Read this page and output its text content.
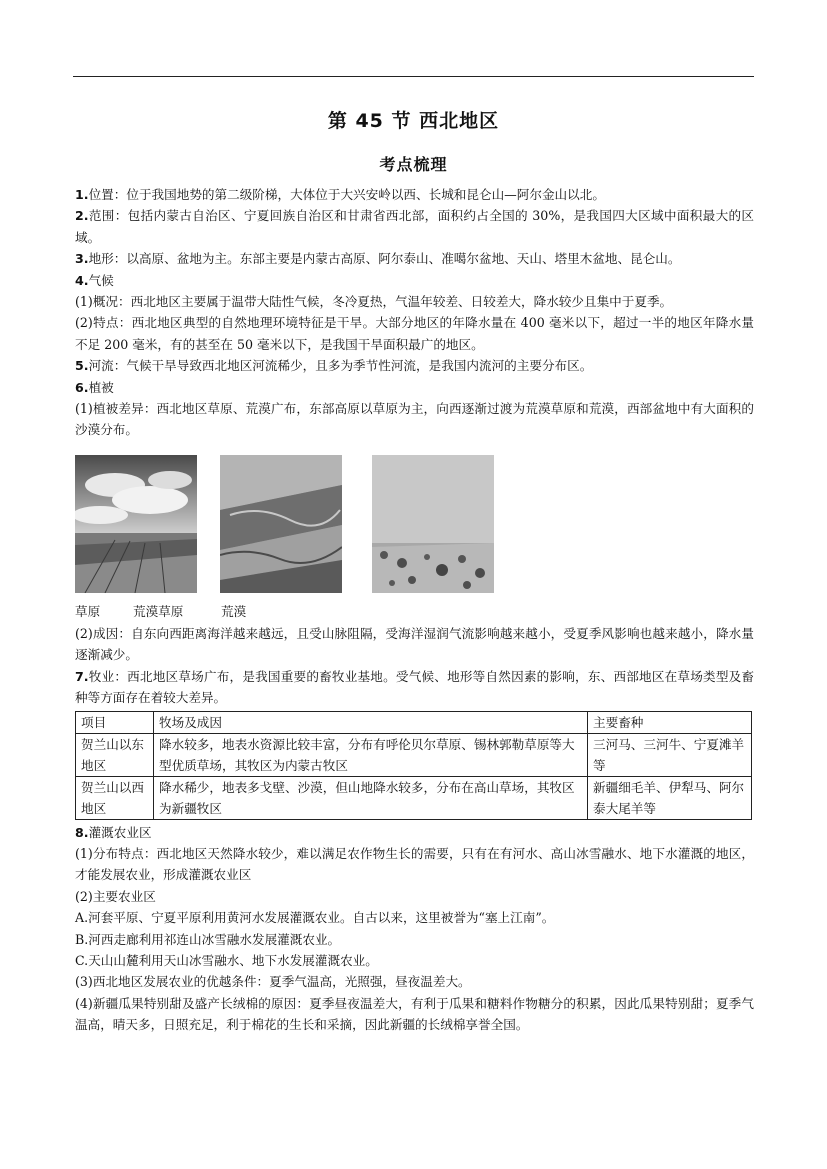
第 45 节 西北地区
考点梳理

1.位置：位于我国地势的第二级阶梯，大体位于大兴安岭以西、长城和昆仑山—阿尔金山以北。

2.范围：包括内蒙古自治区、宁夏回族自治区和甘肃省西北部，面积约占全国的 30%，是我国四大区域中面积最大的区域。

3.地形：以高原、盆地为主。东部主要是内蒙古高原、阿尔泰山、准噶尔盆地、天山、塔里木盆地、昆仑山。

4.气候

(1)概况：西北地区主要属于温带大陆性气候，冬冷夏热，气温年较差、日较差大，降水较少且集中于夏季。

(2)特点：西北地区典型的自然地理环境特征是干旱。大部分地区的年降水量在 400 毫米以下，超过一半的地区年降水量不足 200 毫米，有的甚至在 50 毫米以下，是我国干旱面积最广的地区。

5.河流：气候干旱导致西北地区河流稀少，且多为季节性河流，是我国内流河的主要分布区。

6.植被

(1)植被差异：西北地区草原、荒漠广布，东部高原以草原为主，向西逐渐过渡为荒漠草原和荒漠，西部盆地中有大面积的沙漠分布。

草原	荒漠草原	荒漠

(2)成因：自东向西距离海洋越来越远，且受山脉阻隔，受海洋湿润气流影响越来越小，受夏季风影响也越来越小，降水量逐渐减少。

7.牧业：西北地区草场广布，是我国重要的畜牧业基地。受气候、地形等自然因素的影响，东、西部地区在草场类型及畜种等方面存在着较大差异。

项目	牧场及成因	主要畜种
贺兰山以东地区	降水较多，地表水资源比较丰富，分布有呼伦贝尔草原、锡林郭勒草原等大型优质草场，其牧区为内蒙古牧区	三河马、三河牛、宁夏滩羊等
贺兰山以西地区	降水稀少，地表多戈壁、沙漠，但山地降水较多，分布在高山草场，其牧区为新疆牧区	新疆细毛羊、伊犁马、阿尔泰大尾羊等

8.灌溉农业区

(1)分布特点：西北地区天然降水较少，难以满足农作物生长的需要，只有在有河水、高山冰雪融水、地下水灌溉的地区，才能发展农业，形成灌溉农业区

(2)主要农业区

A.河套平原、宁夏平原利用黄河水发展灌溉农业。自古以来，这里被誉为“塞上江南”。

B.河西走廊利用祁连山冰雪融水发展灌溉农业。

C.天山山麓利用天山冰雪融水、地下水发展灌溉农业。

(3)西北地区发展农业的优越条件：夏季气温高，光照强，昼夜温差大。

(4)新疆瓜果特别甜及盛产长绒棉的原因：夏季昼夜温差大，有利于瓜果和糖料作物糖分的积累，因此瓜果特别甜；夏季气温高，晴天多，日照充足，利于棉花的生长和采摘，因此新疆的长绒棉享誉全国。
